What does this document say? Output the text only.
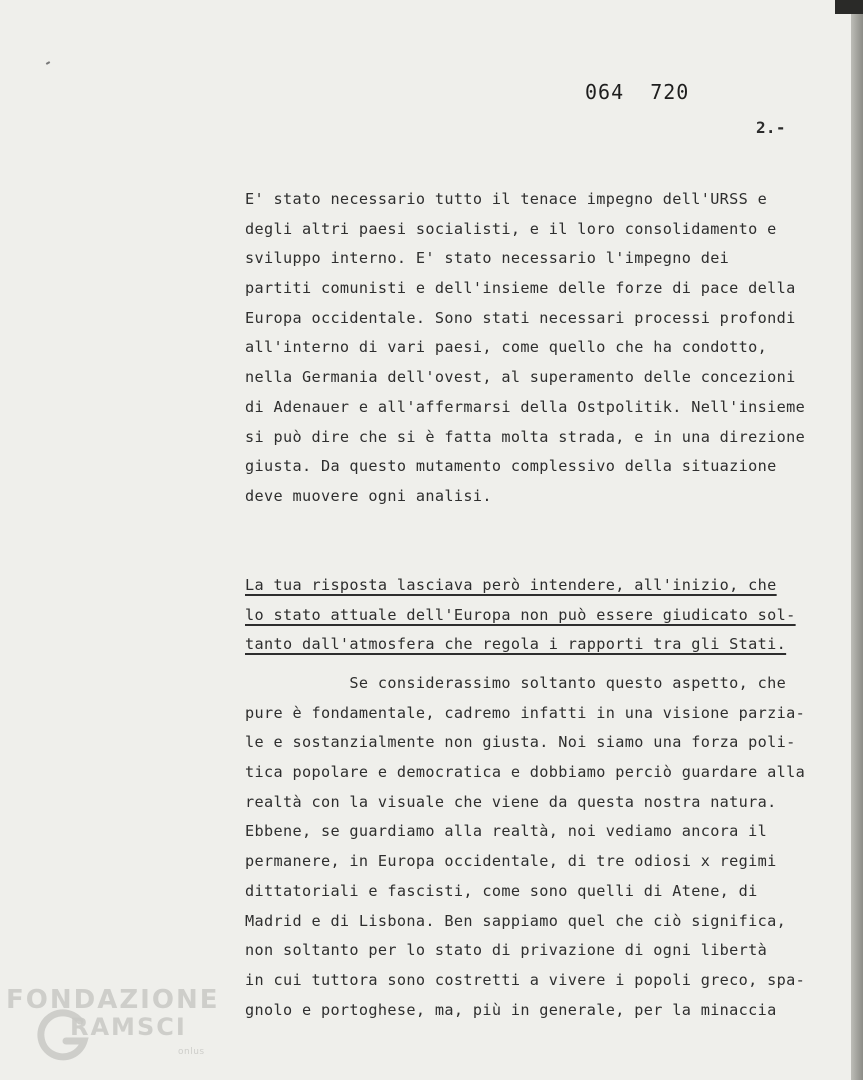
064  720
2.-
E' stato necessario tutto il tenace impegno dell'URSS e
degli altri paesi socialisti, e il loro consolidamento e
sviluppo interno. E' stato necessario l'impegno dei
partiti comunisti e dell'insieme delle forze di pace della
Europa occidentale. Sono stati necessari processi profondi
all'interno di vari paesi, come quello che ha condotto,
nella Germania dell'ovest, al superamento delle concezioni
di Adenauer e all'affermarsi della Ostpolitik. Nell'insieme
si può dire che si è fatta molta strada, e in una direzione
giusta. Da questo mutamento complessivo della situazione
deve muovere ogni analisi.
La tua risposta lasciava però intendere, all'inizio, che
lo stato attuale dell'Europa non può essere giudicato sol-
tanto dall'atmosfera che regola i rapporti tra gli Stati.
Se considerassimo soltanto questo aspetto, che
pure è fondamentale, cadremo infatti in una visione parzia-
le e sostanzialmente non giusta. Noi siamo una forza poli-
tica popolare e democratica e dobbiamo perciò guardare alla
realtà con la visuale che viene da questa nostra natura.
Ebbene, se guardiamo alla realtà, noi vediamo ancora il
permanere, in Europa occidentale, di tre odiosi x regimi
dittatoriali e fascisti, come sono quelli di Atene, di
Madrid e di Lisbona. Ben sappiamo quel che ciò significa,
non soltanto per lo stato di privazione di ogni libertà
in cui tuttora sono costretti a vivere i popoli greco, spa-
gnolo e portoghese, ma, più in generale, per la minaccia
FONDAZIONE
RAMSCI
onlus
